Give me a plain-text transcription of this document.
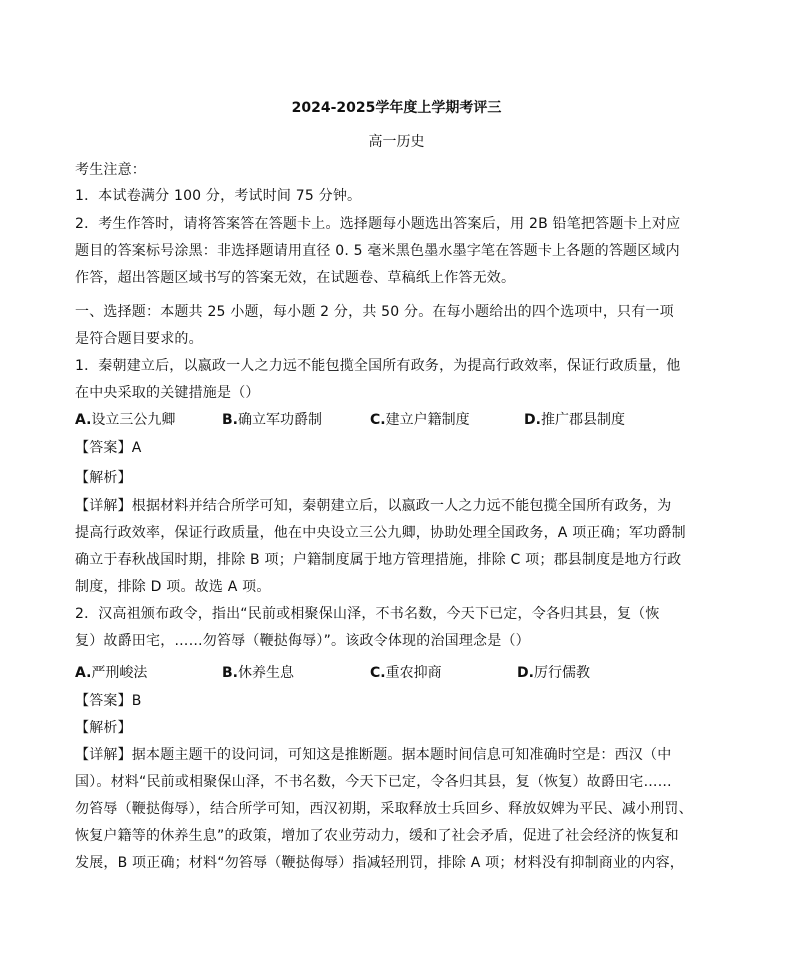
2024-2025学年度上学期考评三
高一历史
考生注意：
1．本试卷满分 100 分，考试时间 75 分钟。
2．考生作答时，请将答案答在答题卡上。选择题每小题选出答案后，用 2B 铅笔把答题卡上对应
题目的答案标号涂黑：非选择题请用直径 0. 5 毫米黑色墨水墨字笔在答题卡上各题的答题区域内
作答，超出答题区域书写的答案无效，在试题卷、草稿纸上作答无效。
一、选择题：本题共 25 小题，每小题 2 分，共 50 分。在每小题给出的四个选项中，只有一项
是符合题目要求的。
1．秦朝建立后，以嬴政一人之力远不能包揽全国所有政务，为提高行政效率，保证行政质量，他
在中央采取的关键措施是（）
A.设立三公九卿	B.确立军功爵制	C.建立户籍制度	D.推广郡县制度
【答案】A
【解析】
【详解】根据材料并结合所学可知，秦朝建立后，以嬴政一人之力远不能包揽全国所有政务，为
提高行政效率，保证行政质量，他在中央设立三公九卿，协助处理全国政务，A 项正确；军功爵制
确立于春秋战国时期，排除 B 项；户籍制度属于地方管理措施，排除 C 项；郡县制度是地方行政
制度，排除 D 项。故选 A 项。
2．汉高祖颁布政令，指出“民前或相聚保山泽，不书名数，今天下已定，令各归其县，复（恢
复）故爵田宅，……勿笞辱（鞭挞侮辱）”。该政令体现的治国理念是（）
A.严刑峻法	B.休养生息	C.重农抑商	D.厉行儒教
【答案】B
【解析】
【详解】据本题主题干的设问词，可知这是推断题。据本题时间信息可知准确时空是：西汉（中
国）。材料“民前或相聚保山泽，不书名数，今天下已定，令各归其县，复（恢复）故爵田宅……
勿笞辱（鞭挞侮辱），结合所学可知，西汉初期，采取释放士兵回乡、释放奴婢为平民、减小刑罚、
恢复户籍等的休养生息”的政策，增加了农业劳动力，缓和了社会矛盾，促进了社会经济的恢复和
发展，B 项正确；材料“勿笞辱（鞭挞侮辱）指减轻刑罚，排除 A 项；材料没有抑制商业的内容，
